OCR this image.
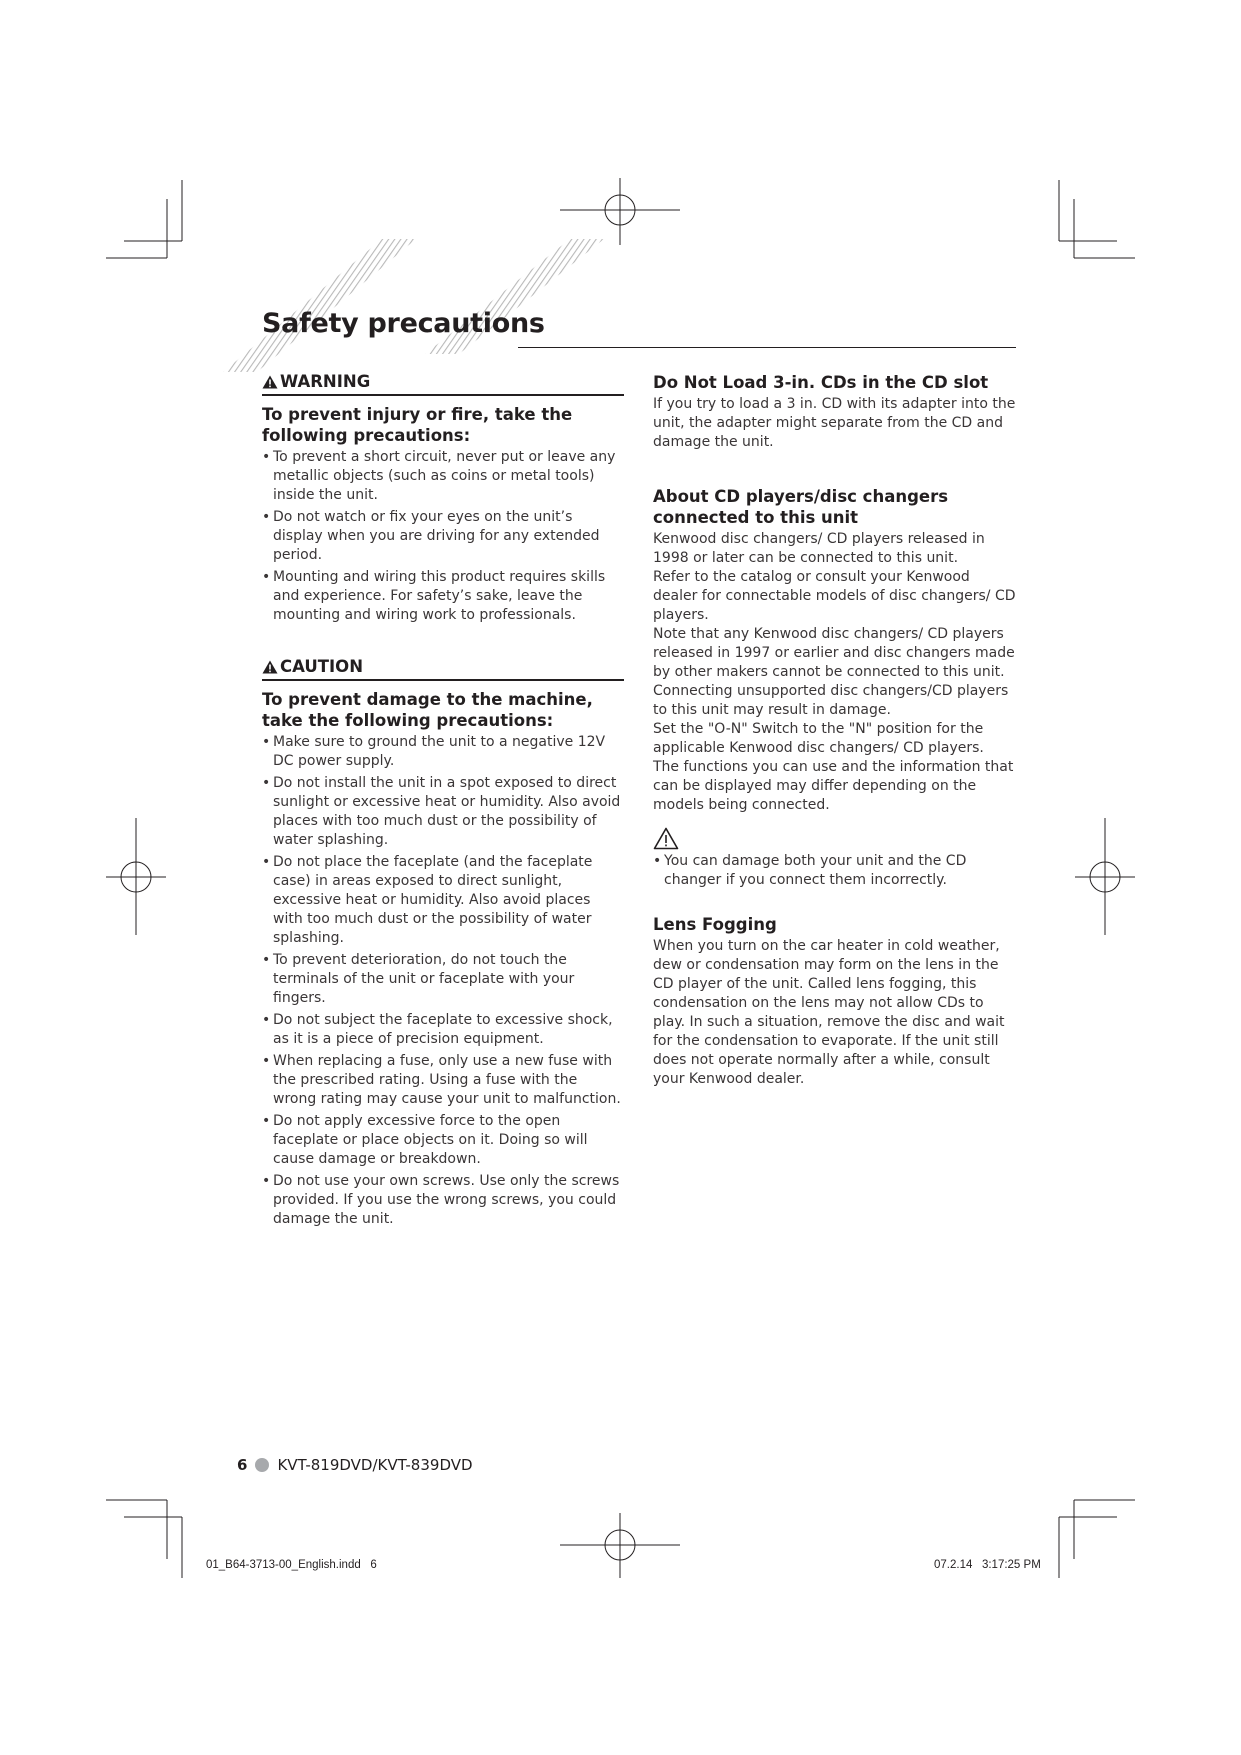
Safety precautions
WARNING
To prevent injury or fire, take the following precautions:
• To prevent a short circuit, never put or leave any metallic objects (such as coins or metal tools) inside the unit.
• Do not watch or fix your eyes on the unit’s display when you are driving for any extended period.
• Mounting and wiring this product requires skills and experience. For safety’s sake, leave the mounting and wiring work to professionals.
CAUTION
To prevent damage to the machine, take the following precautions:
• Make sure to ground the unit to a negative 12V DC power supply.
• Do not install the unit in a spot exposed to direct sunlight or excessive heat or humidity. Also avoid places with too much dust or the possibility of water splashing.
• Do not place the faceplate (and the faceplate case) in areas exposed to direct sunlight, excessive heat or humidity. Also avoid places with too much dust or the possibility of water splashing.
• To prevent deterioration, do not touch the terminals of the unit or faceplate with your fingers.
• Do not subject the faceplate to excessive shock, as it is a piece of precision equipment.
• When replacing a fuse, only use a new fuse with the prescribed rating. Using a fuse with the wrong rating may cause your unit to malfunction.
• Do not apply excessive force to the open faceplate or place objects on it. Doing so will cause damage or breakdown.
• Do not use your own screws. Use only the screws provided. If you use the wrong screws, you could damage the unit.
Do Not Load 3-in. CDs in the CD slot

If you try to load a 3 in. CD with its adapter into the unit, the adapter might separate from the CD and damage the unit.

About CD players/disc changers connected to this unit

Kenwood disc changers/ CD players released in 1998 or later can be connected to this unit.

Refer to the catalog or consult your Kenwood dealer for connectable models of disc changers/ CD players.

Note that any Kenwood disc changers/ CD players released in 1997 or earlier and disc changers made by other makers cannot be connected to this unit.

Connecting unsupported disc changers/CD players to this unit may result in damage.

Set the "O-N" Switch to the "N" position for the applicable Kenwood disc changers/ CD players.

The functions you can use and the information that can be displayed may differ depending on the models being connected.

• You can damage both your unit and the CD changer if you connect them incorrectly.
Lens Fogging

When you turn on the car heater in cold weather, dew or condensation may form on the lens in the CD player of the unit. Called lens fogging, this condensation on the lens may not allow CDs to play. In such a situation, remove the disc and wait for the condensation to evaporate. If the unit still does not operate normally after a while, consult your Kenwood dealer.

6 KVT-819DVD/KVT-839DVD
01_B64-3713-00_English.indd   6	07.2.14   3:17:25 PM
